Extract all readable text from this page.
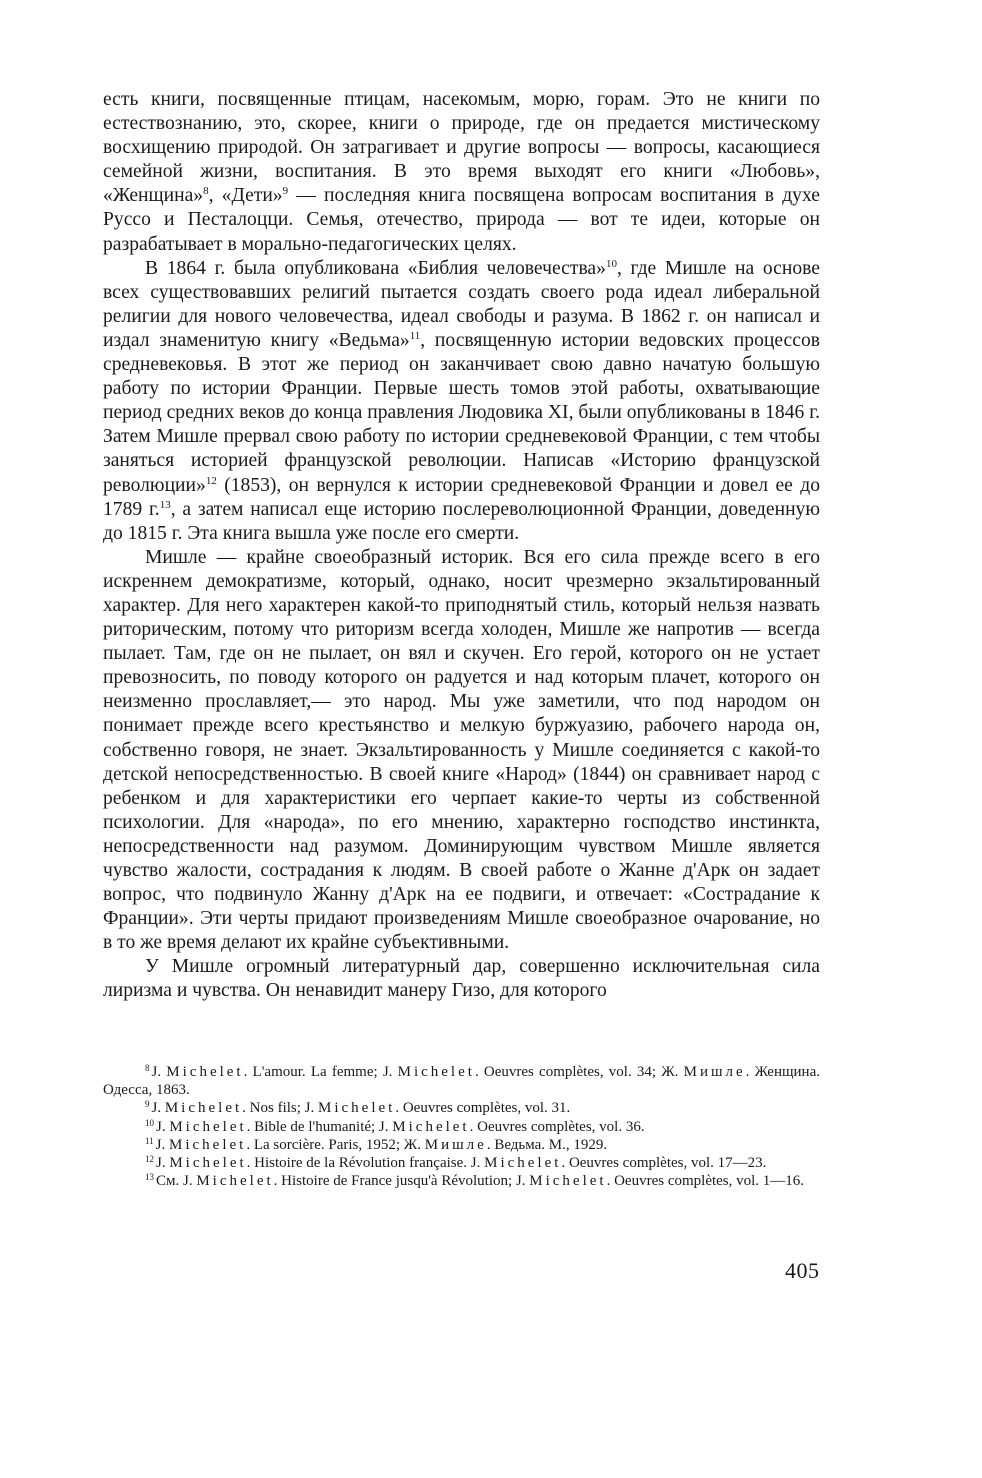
есть книги, посвященные птицам, насекомым, морю, горам. Это не книги по естествознанию, это, скорее, книги о природе, где он предается мистическому восхищению природой. Он затрагивает и другие вопросы — вопросы, касающиеся семейной жизни, воспитания. В это время выходят его книги «Любовь», «Женщина»$^8$, «Дети»$^9$ — последняя книга посвящена вопросам воспитания в духе Руссо и Песталоцци. Семья, отечество, природа — вот те идеи, которые он разрабатывает в морально-педагогических целях.

В 1864 г. была опубликована «Библия человечества»$^{10}$, где Мишле на основе всех существовавших религий пытается создать своего рода идеал либеральной религии для нового человечества, идеал свободы и разума. В 1862 г. он написал и издал знаменитую книгу «Ведьма»$^{11}$, посвященную истории ведовских процессов средневековья. В этот же период он заканчивает свою давно начатую большую работу по истории Франции. Первые шесть томов этой работы, охватывающие период средних веков до конца правления Людовика XI, были опубликованы в 1846 г. Затем Мишле прервал свою работу по истории средневековой Франции, с тем чтобы заняться историей французской революции. Написав «Историю французской революции»$^{12}$ (1853), он вернулся к истории средневековой Франции и довел ее до 1789 г.$^{13}$, а затем написал еще историю послереволюционной Франции, доведенную до 1815 г. Эта книга вышла уже после его смерти.

Мишле — крайне своеобразный историк. Вся его сила прежде всего в его искреннем демократизме, который, однако, носит чрезмерно экзальтированный характер. Для него характерен какой-то приподнятый стиль, который нельзя назвать риторическим, потому что риторизм всегда холоден, Мишле же напротив — всегда пылает. Там, где он не пылает, он вял и скучен. Его герой, которого он не устает превозносить, по поводу которого он радуется и над которым плачет, которого он неизменно прославляет,— это народ. Мы уже заметили, что под народом он понимает прежде всего крестьянство и мелкую буржуазию, рабочего народа он, собственно говоря, не знает. Экзальтированность у Мишле соединяется с какой-то детской непосредственностью. В своей книге «Народ» (1844) он сравнивает народ с ребенком и для характеристики его черпает какие-то черты из собственной психологии. Для «народа», по его мнению, характерно господство инстинкта, непосредственности над разумом. Доминирующим чувством Мишле является чувство жалости, сострадания к людям. В своей работе о Жанне д'Арк он задает вопрос, что подвинуло Жанну д'Арк на ее подвиги, и отвечает: «Сострадание к Франции». Эти черты придают произведениям Мишле своеобразное очарование, но в то же время делают их крайне субъективными.

У Мишле огромный литературный дар, совершенно исключительная сила лиризма и чувства. Он ненавидит манеру Гизо, для которого

$^8$ J. Michelet. L'amour. La femme; J. Michelet. Oeuvres complètes, vol. 34; Ж. Мишле. Женщина. Одесса, 1863.

$^9$ J. Michelet. Nos fils; J. Michelet. Oeuvres complètes, vol. 31.

$^{10}$ J. Michelet. Bible de l'humanité; J. Michelet. Oeuvres complètes, vol. 36.

$^{11}$ J. Michelet. La sorcière. Paris, 1952; Ж. Мишле. Ведьма. М., 1929.

$^{12}$ J. Michelet. Histoire de la Révolution française. J. Michelet. Oeuvres complètes, vol. 17—23.

$^{13}$ См. J. Michelet. Histoire de France jusqu'à Révolution; J. Michelet. Oeuvres complètes, vol. 1—16.

405
